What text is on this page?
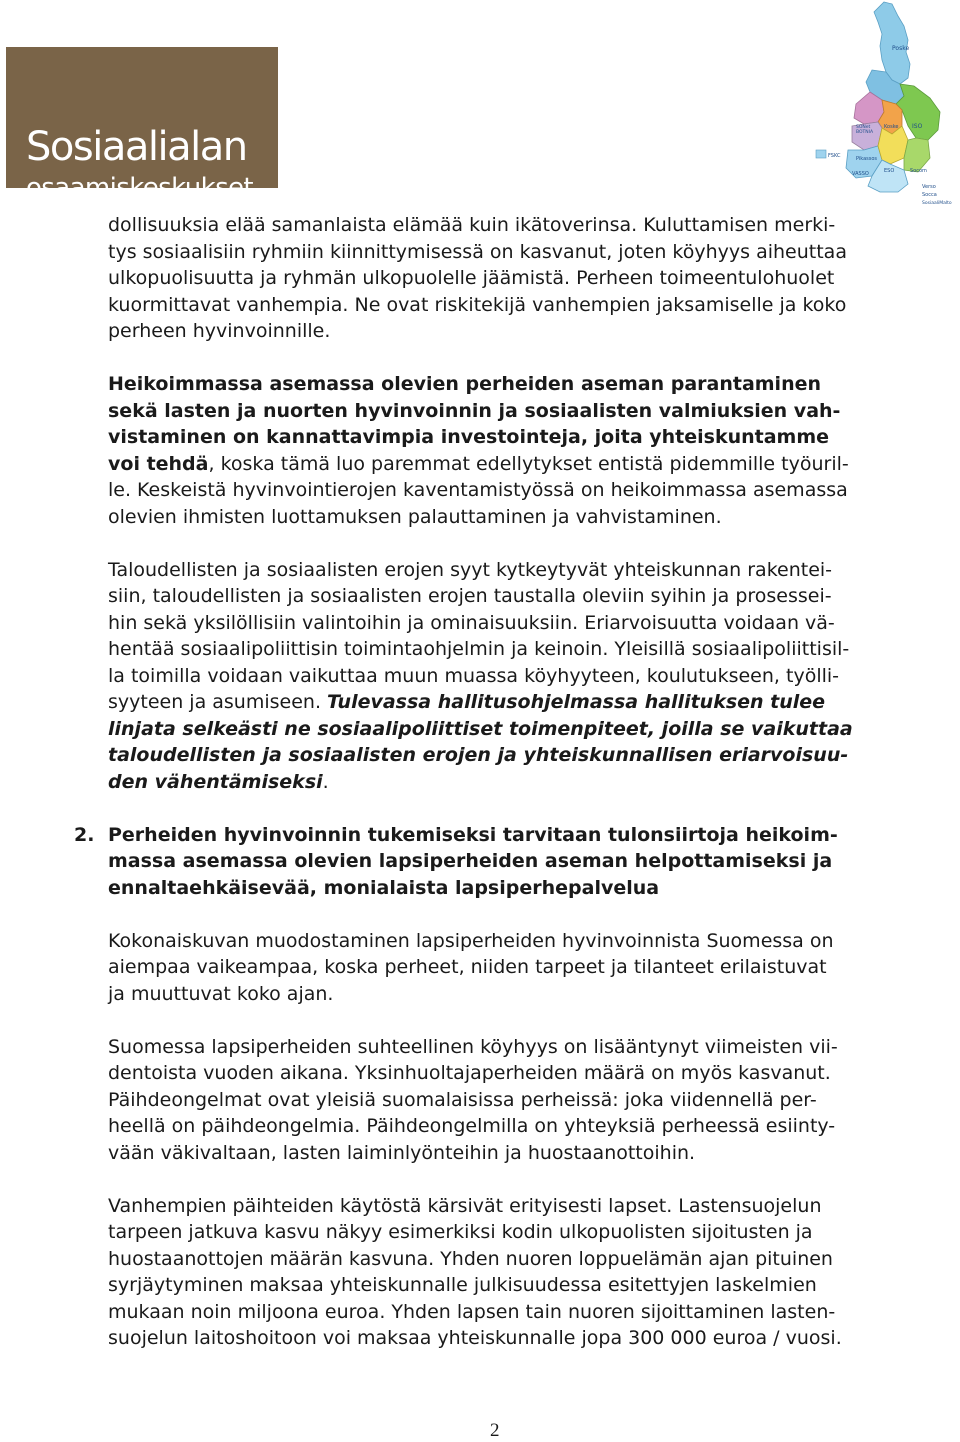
Sosiaalialan
osaamiskeskukset
Poske
ISO
SONet
BOTNIA
Koske
Pikassos
FSKC
VASSO	ESO	Socom
Verso
Socca
SosiaaliMalto

dollisuuksia elää samanlaista elämää kuin ikätoverinsa. Kuluttamisen merki-
tys sosiaalisiin ryhmiin kiinnittymisessä on kasvanut, joten köyhyys aiheuttaa
ulkopuolisuutta ja ryhmän ulkopuolelle jäämistä. Perheen toimeentulohuolet
kuormittavat vanhempia. Ne ovat riskitekijä vanhempien jaksamiselle ja koko
perheen hyvinvoinnille.

Heikoimmassa asemassa olevien perheiden aseman parantaminen
sekä lasten ja nuorten hyvinvoinnin ja sosiaalisten valmiuksien vah-
vistaminen on kannattavimpia investointeja, joita yhteiskuntamme
voi tehdä, koska tämä luo paremmat edellytykset entistä pidemmille työuril-
le. Keskeistä hyvinvointierojen kaventamistyössä on heikoimmassa asemassa
olevien ihmisten luottamuksen palauttaminen ja vahvistaminen.

Taloudellisten ja sosiaalisten erojen syyt kytkeytyvät yhteiskunnan rakentei-
siin, taloudellisten ja sosiaalisten erojen taustalla oleviin syihin ja prosessei-
hin sekä yksilöllisiin valintoihin ja ominaisuuksiin. Eriarvoisuutta voidaan vä-
hentää sosiaalipoliittisin toimintaohjelmin ja keinoin. Yleisillä sosiaalipoliittisil-
la toimilla voidaan vaikuttaa muun muassa köyhyyteen, koulutukseen, työlli-
syyteen ja asumiseen. Tulevassa hallitusohjelmassa hallituksen tulee
linjata selkeästi ne sosiaalipoliittiset toimenpiteet, joilla se vaikuttaa
taloudellisten ja sosiaalisten erojen ja yhteiskunnallisen eriarvoisuu-
den vähentämiseksi.

2. Perheiden hyvinvoinnin tukemiseksi tarvitaan tulonsiirtoja heikoim-
massa asemassa olevien lapsiperheiden aseman helpottamiseksi ja
ennaltaehkäisevää, monialaista lapsiperhepalvelua

Kokonaiskuvan muodostaminen lapsiperheiden hyvinvoinnista Suomessa on
aiempaa vaikeampaa, koska perheet, niiden tarpeet ja tilanteet erilaistuvat
ja muuttuvat koko ajan.

Suomessa lapsiperheiden suhteellinen köyhyys on lisääntynyt viimeisten vii-
dentoista vuoden aikana. Yksinhuoltajaperheiden määrä on myös kasvanut.
Päihdeongelmat ovat yleisiä suomalaisissa perheissä: joka viidennellä per-
heellä on päihdeongelmia. Päihdeongelmilla on yhteyksiä perheessä esiinty-
vään väkivaltaan, lasten laiminlyönteihin ja huostaanottoihin.

Vanhempien päihteiden käytöstä kärsivät erityisesti lapset. Lastensuojelun
tarpeen jatkuva kasvu näkyy esimerkiksi kodin ulkopuolisten sijoitusten ja
huostaanottojen määrän kasvuna. Yhden nuoren loppuelämän ajan pituinen
syrjäytyminen maksaa yhteiskunnalle julkisuudessa esitettyjen laskelmien
mukaan noin miljoona euroa. Yhden lapsen tain nuoren sijoittaminen lasten-
suojelun laitoshoitoon voi maksaa yhteiskunnalle jopa 300 000 euroa / vuosi.

2
